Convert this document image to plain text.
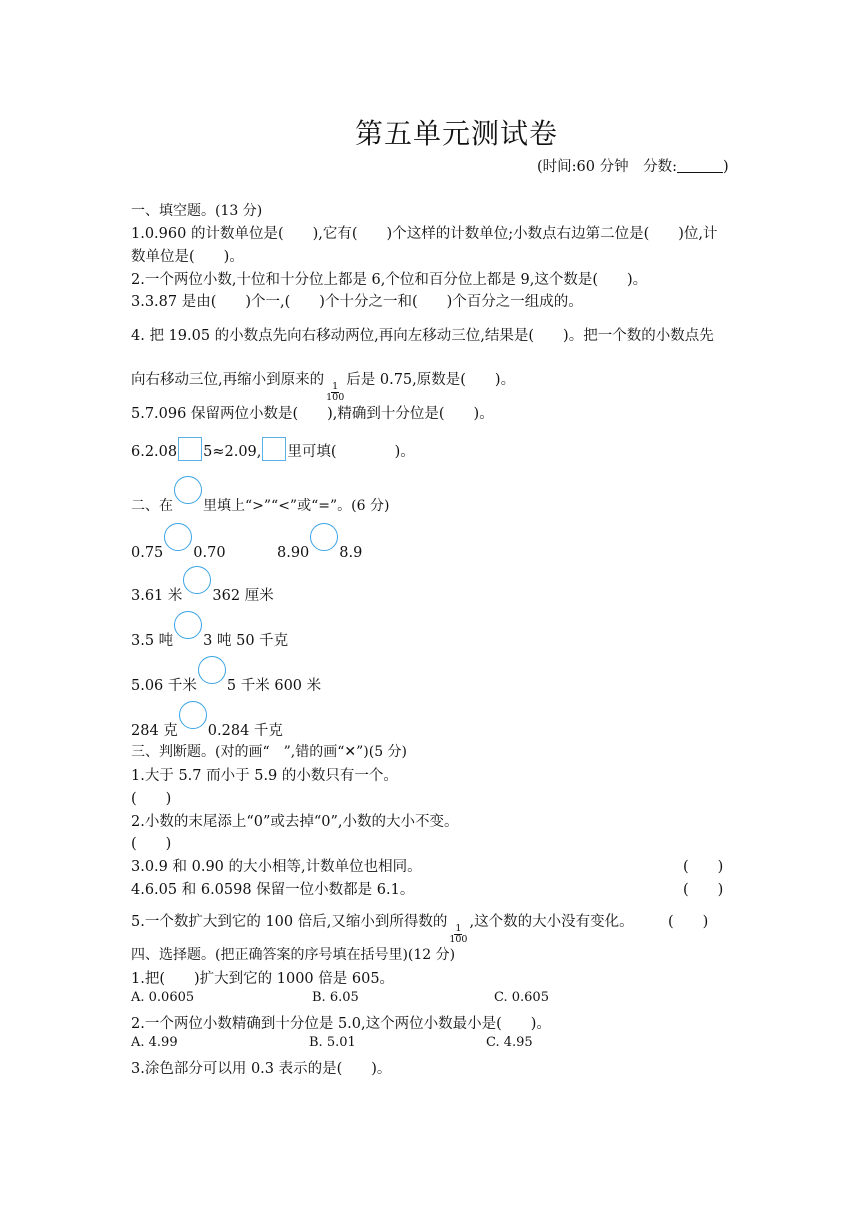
第五单元测试卷
(时间:60 分钟　分数:	)
一、填空题。(13 分)
1.0.960 的计数单位是(　　),它有(　　)个这样的计数单位;小数点右边第二位是(　　)位,计
数单位是(　　)。
2.一个两位小数,十位和十分位上都是 6,个位和百分位上都是 9,这个数是(　　)。
3.3.87 是由(　　)个一,(　　)个十分之一和(　　)个百分之一组成的。
4. 把 19.05 的小数点先向右移动两位,再向左移动三位,结果是(　　)。把一个数的小数点先
向右移动三位,再缩小到原来的
$\frac{1}{100}$
后是 0.75,原数是(　　)。
5.7.096 保留两位小数是(　　),精确到十分位是(　　)。
6.2.08 5≈2.09, 里可填(　　　　)。
二、在 里填上“>”“<”或“=”。(6 分)
0.75 0.70	8.90 8.9
3.61 米 362 厘米
3.5 吨 3 吨 50 千克
5.06 千米 5 千米 600 米
284 克 0.284 千克
三、判断题。(对的画“　”,错的画“✕”)(5 分)
1.大于 5.7 而小于 5.9 的小数只有一个。
(　　)
2.小数的末尾添上“0”或去掉“0”,小数的大小不变。
(　　)
3.0.9 和 0.90 的大小相等,计数单位也相同。	(　　)
4.6.05 和 6.0598 保留一位小数都是 6.1。	(　　)
5.一个数扩大到它的 100 倍后,又缩小到所得数的
$\frac{1}{100}$
,这个数的大小没有变化。 (　　)
四、选择题。(把正确答案的序号填在括号里)(12 分)
1.把(　　)扩大到它的 1000 倍是 605。
A. 0.0605	B. 6.05	C. 0.605
2.一个两位小数精确到十分位是 5.0,这个两位小数最小是(　　)。
A. 4.99	B. 5.01	C. 4.95
3.涂色部分可以用 0.3 表示的是(　　)。
